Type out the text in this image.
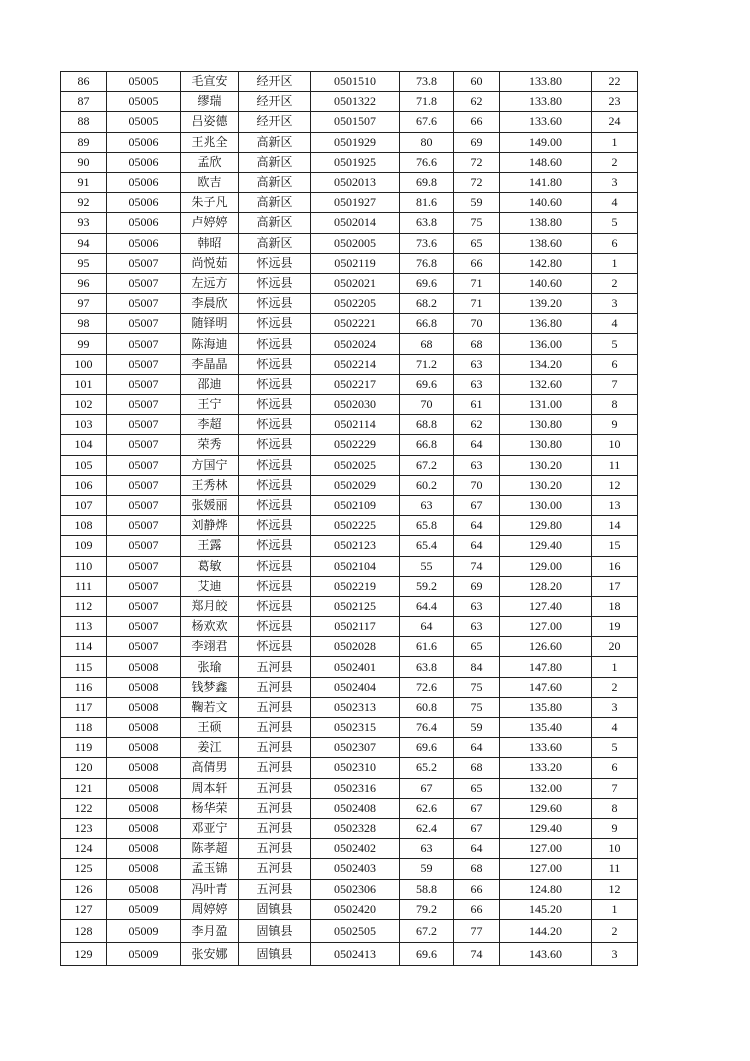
86	05005	毛宣安	经开区	0501510	73.8	60	133.80	22
87	05005	缪瑞	经开区	0501322	71.8	62	133.80	23
88	05005	吕姿德	经开区	0501507	67.6	66	133.60	24
89	05006	王兆全	高新区	0501929	80	69	149.00	1
90	05006	孟欣	高新区	0501925	76.6	72	148.60	2
91	05006	欧吉	高新区	0502013	69.8	72	141.80	3
92	05006	朱子凡	高新区	0501927	81.6	59	140.60	4
93	05006	卢婷婷	高新区	0502014	63.8	75	138.80	5
94	05006	韩昭	高新区	0502005	73.6	65	138.60	6
95	05007	尚悦茹	怀远县	0502119	76.8	66	142.80	1
96	05007	左远方	怀远县	0502021	69.6	71	140.60	2
97	05007	李晨欣	怀远县	0502205	68.2	71	139.20	3
98	05007	随铎明	怀远县	0502221	66.8	70	136.80	4
99	05007	陈海迪	怀远县	0502024	68	68	136.00	5
100	05007	李晶晶	怀远县	0502214	71.2	63	134.20	6
101	05007	邵迪	怀远县	0502217	69.6	63	132.60	7
102	05007	王宁	怀远县	0502030	70	61	131.00	8
103	05007	李超	怀远县	0502114	68.8	62	130.80	9
104	05007	荣秀	怀远县	0502229	66.8	64	130.80	10
105	05007	方国宁	怀远县	0502025	67.2	63	130.20	11
106	05007	王秀林	怀远县	0502029	60.2	70	130.20	12
107	05007	张媛丽	怀远县	0502109	63	67	130.00	13
108	05007	刘静烨	怀远县	0502225	65.8	64	129.80	14
109	05007	王露	怀远县	0502123	65.4	64	129.40	15
110	05007	葛敏	怀远县	0502104	55	74	129.00	16
111	05007	艾迪	怀远县	0502219	59.2	69	128.20	17
112	05007	郑月皎	怀远县	0502125	64.4	63	127.40	18
113	05007	杨欢欢	怀远县	0502117	64	63	127.00	19
114	05007	李翊君	怀远县	0502028	61.6	65	126.60	20
115	05008	张瑜	五河县	0502401	63.8	84	147.80	1
116	05008	钱梦鑫	五河县	0502404	72.6	75	147.60	2
117	05008	鞠若文	五河县	0502313	60.8	75	135.80	3
118	05008	王硕	五河县	0502315	76.4	59	135.40	4
119	05008	姜江	五河县	0502307	69.6	64	133.60	5
120	05008	高倩男	五河县	0502310	65.2	68	133.20	6
121	05008	周本轩	五河县	0502316	67	65	132.00	7
122	05008	杨华荣	五河县	0502408	62.6	67	129.60	8
123	05008	邓亚宁	五河县	0502328	62.4	67	129.40	9
124	05008	陈孝超	五河县	0502402	63	64	127.00	10
125	05008	孟玉锦	五河县	0502403	59	68	127.00	11
126	05008	冯叶青	五河县	0502306	58.8	66	124.80	12
127	05009	周婷婷	固镇县	0502420	79.2	66	145.20	1
128	05009	李月盈	固镇县	0502505	67.2	77	144.20	2
129	05009	张安娜	固镇县	0502413	69.6	74	143.60	3
